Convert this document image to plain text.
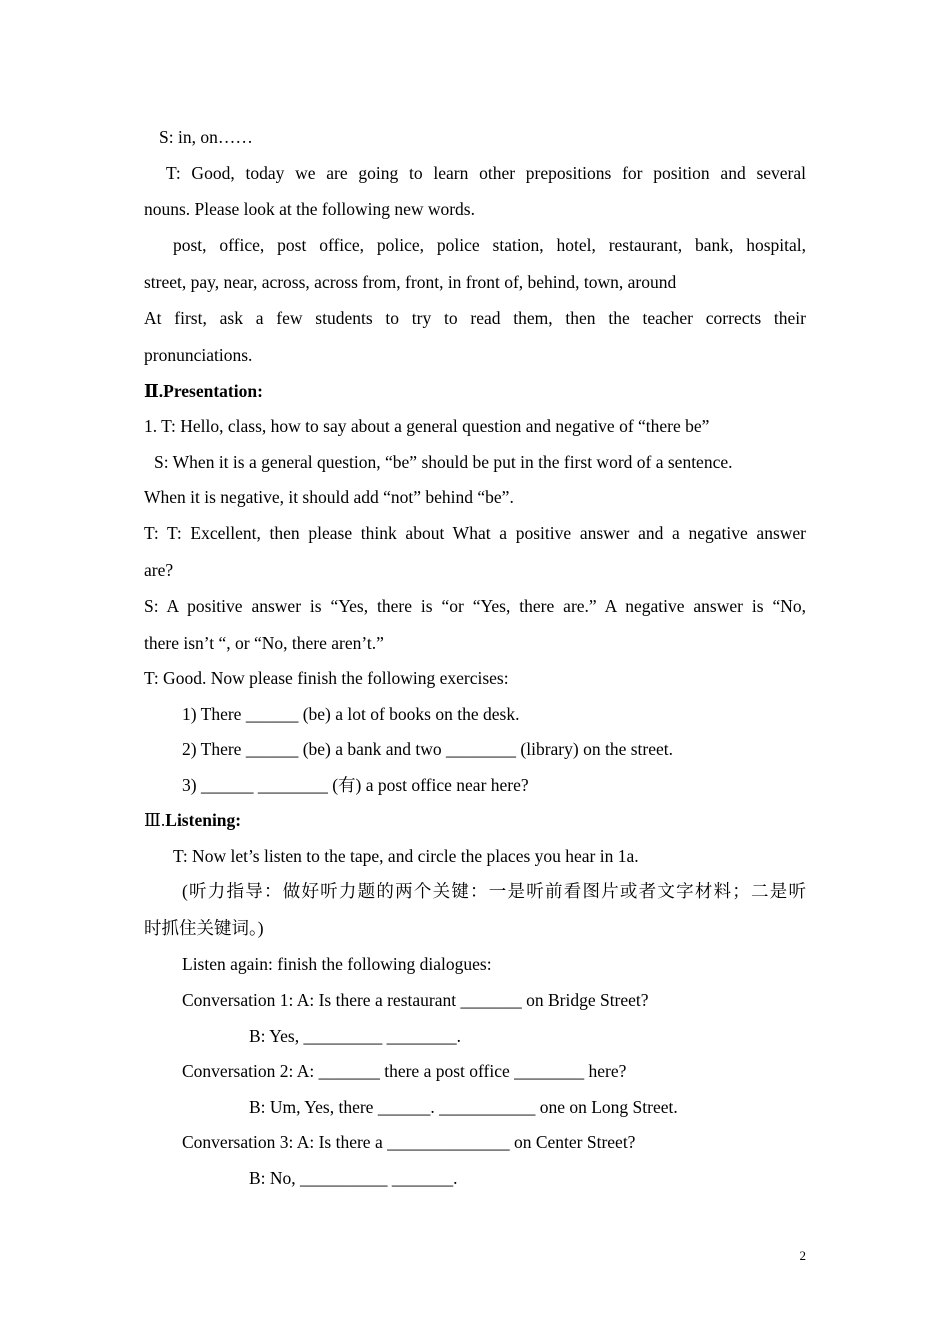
S: in, on……
T: Good, today we are going to learn other prepositions for position and several
nouns. Please look at the following new words.
post, office, post office, police, police station, hotel, restaurant, bank, hospital,
street, pay, near, across, across from, front, in front of, behind, town, around
At first, ask a few students to try to read them, then the teacher corrects their
pronunciations.
Ⅱ.Presentation:
1. T: Hello, class, how to say about a general question and negative of “there be”
S: When it is a general question, “be” should be put in the first word of a sentence.
When it is negative, it should add “not” behind “be”.
T: T: Excellent, then please think about What a positive answer and a negative answer
are?
S: A positive answer is “Yes, there is “or “Yes, there are.” A negative answer is “No,
there isn’t “, or “No, there aren’t.”
T: Good. Now please finish the following exercises:
1) There ______ (be) a lot of books on the desk.
2) There ______ (be) a bank and two ________ (library) on the street.
3) ______ ________ (有) a post office near here?
Ⅲ.Listening:
T: Now let’s listen to the tape, and circle the places you hear in 1a.
(听力指导：做好听力题的两个关键：一是听前看图片或者文字材料；二是听
时抓住关键词。)
Listen again: finish the following dialogues:
Conversation 1: A: Is there a restaurant _______ on Bridge Street?
B: Yes, _________ ________.
Conversation 2: A: _______ there a post office ________ here?
B: Um, Yes, there ______. ___________ one on Long Street.
Conversation 3: A: Is there a ______________ on Center Street?
B: No, __________ _______.
2
